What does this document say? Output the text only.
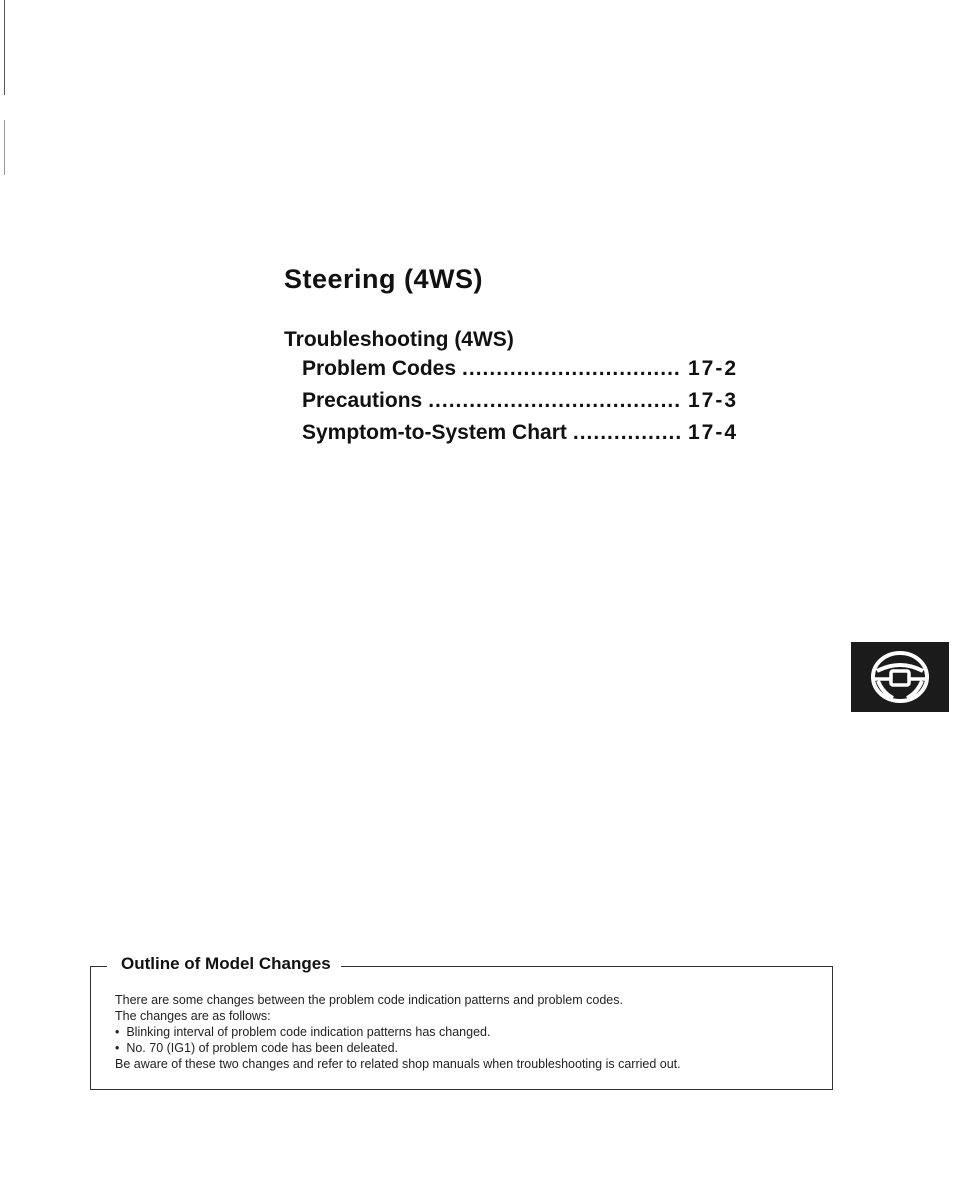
Steering (4WS)
Troubleshooting (4WS)
Problem Codes .....	17-2
Precautions .....	17-3
Symptom-to-System Chart .....	17-4
Outline of Model Changes

There are some changes between the problem code indication patterns and problem codes.

The changes are as follows:

•  Blinking interval of problem code indication patterns has changed.
•  No. 70 (IG1) of problem code has been deleated.

Be aware of these two changes and refer to related shop manuals when troubleshooting is carried out.
